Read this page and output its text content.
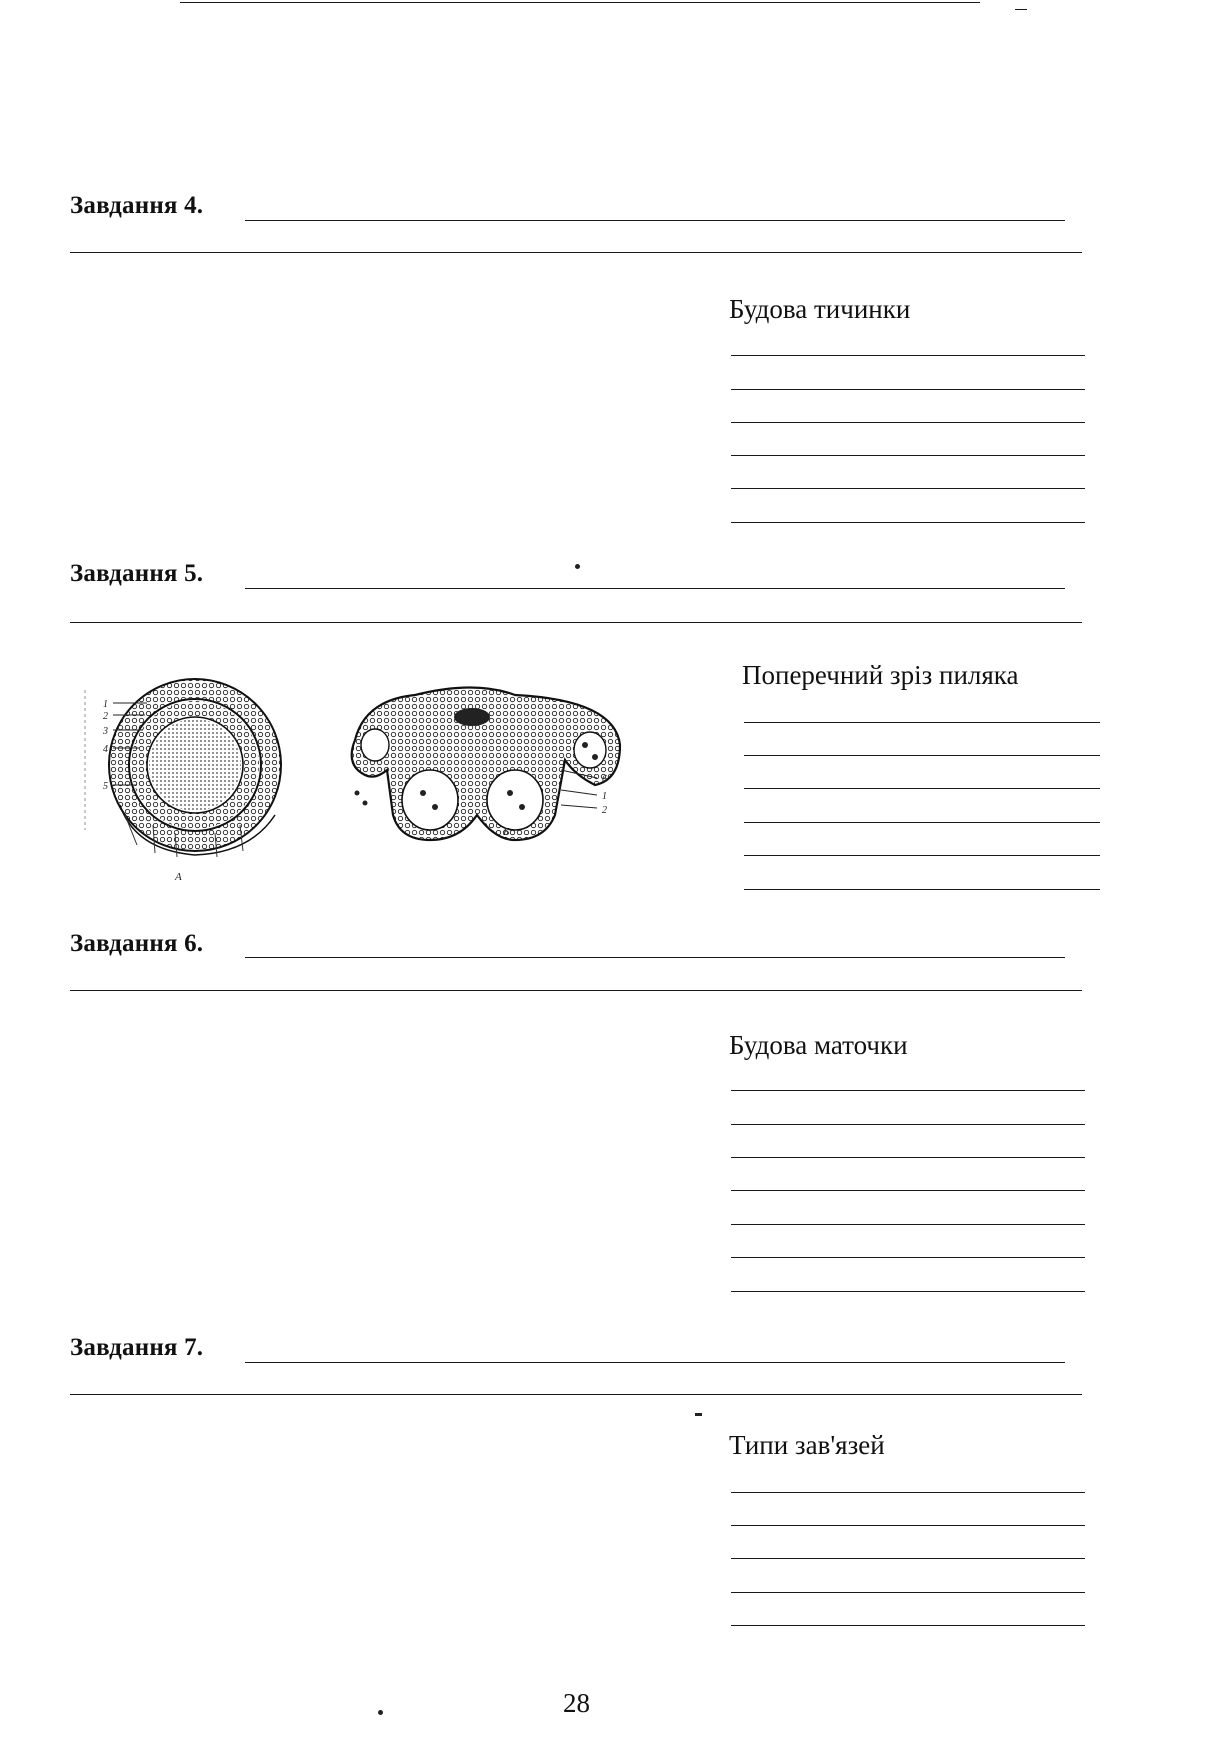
Завдання 4.
Будова тичинки
Завдання 5.
1
2
3
4
5
А
6
1
2
Б
Поперечний зріз пиляка
Завдання 6.
Будова маточки
Завдання 7.
Типи зав'язей
28
